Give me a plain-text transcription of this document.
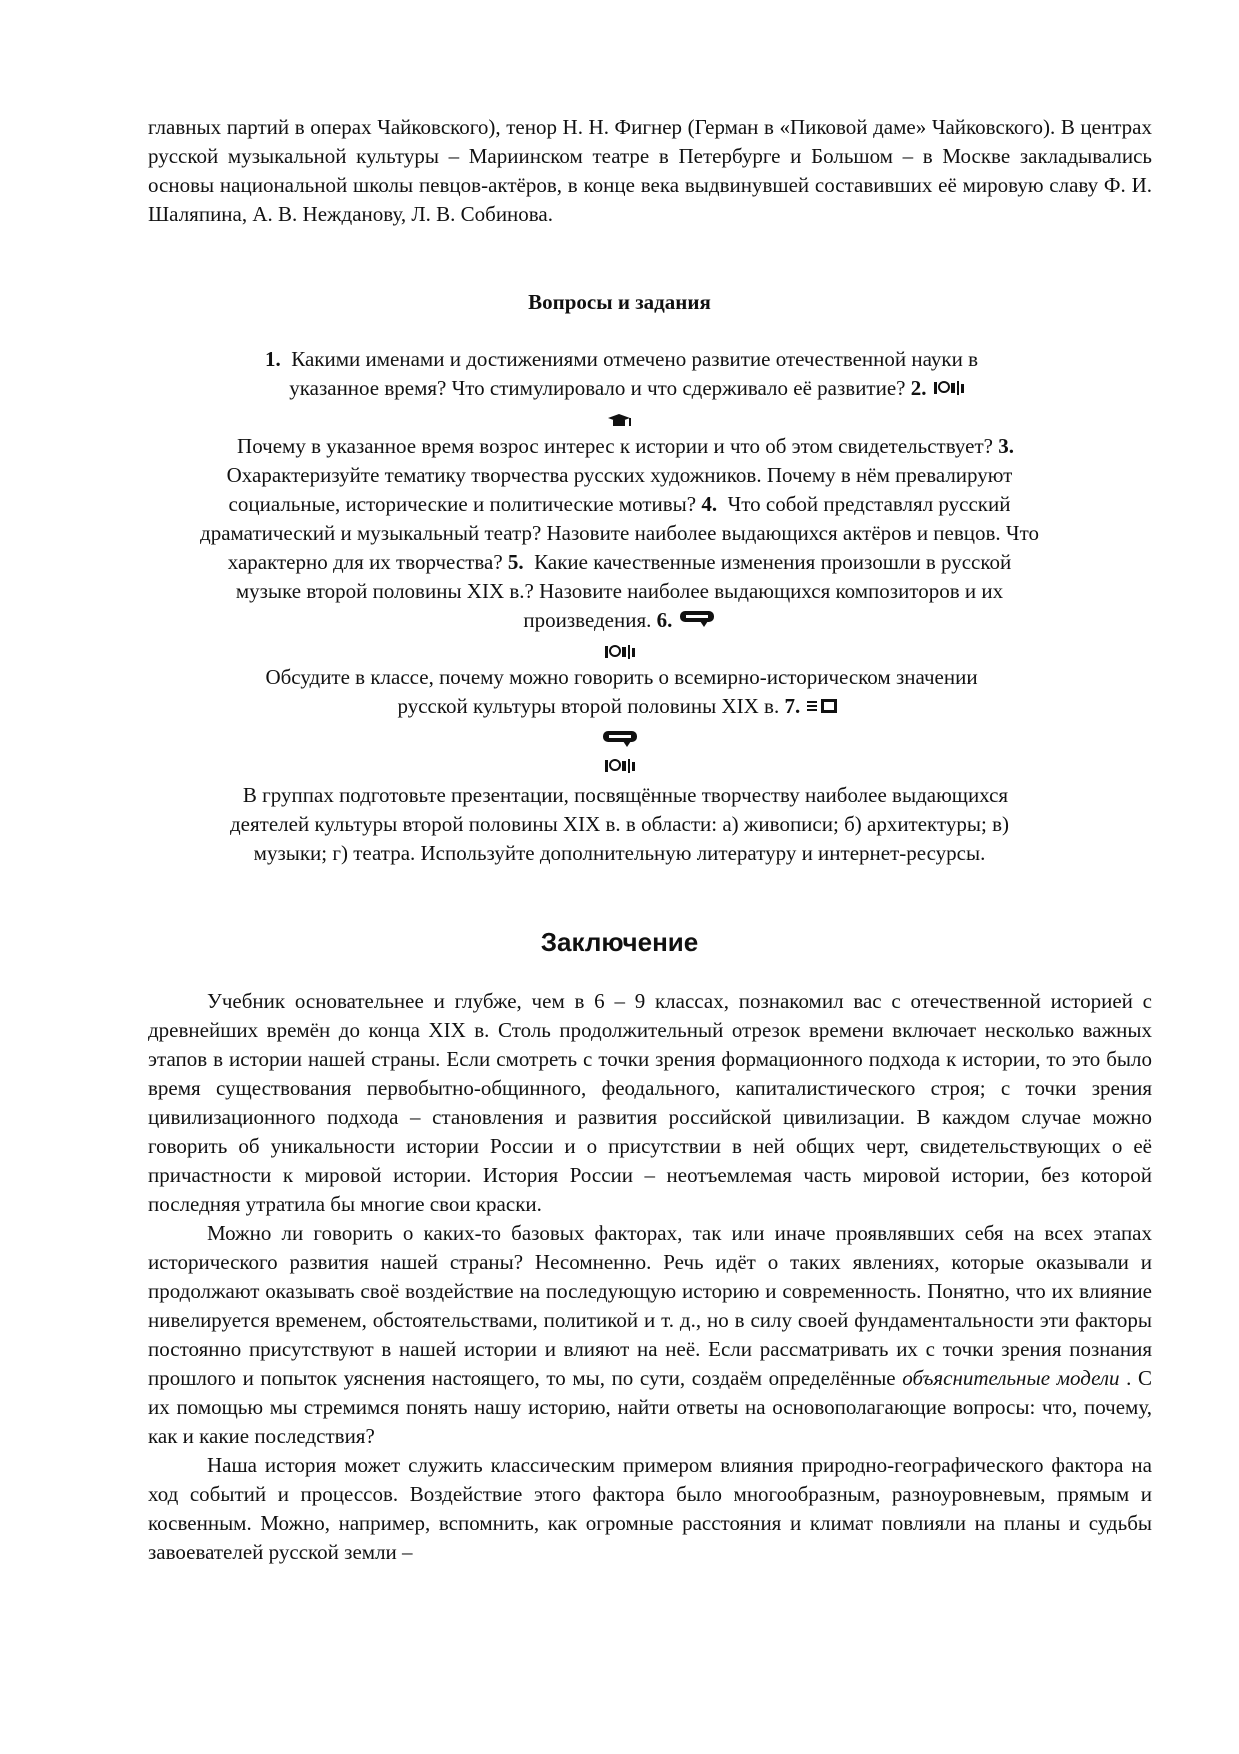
главных партий в операх Чайковского), тенор Н. Н. Фигнер (Герман в «Пиковой даме» Чайковского). В центрах русской музыкальной культуры – Мариинском театре в Петербурге и Большом – в Москве закладывались основы национальной школы певцов-актёров, в конце века выдвинувшей составивших её мировую славу Ф. И. Шаляпина, А. В. Нежданову, Л. В. Собинова.

Вопросы и задания
1.  Какими именами и достижениями отмечено развитие отечественной науки в
указанное время? Что стимулировало и что сдерживало её развитие? 2.
Почему в указанное время возрос интерес к истории и что об этом свидетельствует? 3.
Охарактеризуйте тематику творчества русских художников. Почему в нём превалируют
социальные, исторические и политические мотивы? 4.  Что собой представлял русский
драматический и музыкальный театр? Назовите наиболее выдающихся актёров и певцов. Что
характерно для их творчества? 5.  Какие качественные изменения произошли в русской
музыке второй половины XIX в.? Назовите наиболее выдающихся композиторов и их
произведения. 6.
Обсудите в классе, почему можно говорить о всемирно-историческом значении
русской культуры второй половины XIX в. 7.
В группах подготовьте презентации, посвящённые творчеству наиболее выдающихся
деятелей культуры второй половины XIX в. в области: а) живописи; б) архитектуры; в)
музыки; г) театра. Используйте дополнительную литературу и интернет-ресурсы.
Заключение

Учебник основательнее и глубже, чем в 6 – 9 классах, познакомил вас с отечественной историей с древнейших времён до конца XIX в. Столь продолжительный отрезок времени включает несколько важных этапов в истории нашей страны. Если смотреть с точки зрения формационного подхода к истории, то это было время существования первобытно-общинного, феодального, капиталистического строя; с точки зрения цивилизационного подхода – становления и развития российской цивилизации. В каждом случае можно говорить об уникальности истории России и о присутствии в ней общих черт, свидетельствующих о её причастности к мировой истории. История России – неотъемлемая часть мировой истории, без которой последняя утратила бы многие свои краски.

Можно ли говорить о каких-то базовых факторах, так или иначе проявлявших себя на всех этапах исторического развития нашей страны? Несомненно. Речь идёт о таких явлениях, которые оказывали и продолжают оказывать своё воздействие на последующую историю и современность. Понятно, что их влияние нивелируется временем, обстоятельствами, политикой и т. д., но в силу своей фундаментальности эти факторы постоянно присутствуют в нашей истории и влияют на неё. Если рассматривать их с точки зрения познания прошлого и попыток уяснения настоящего, то мы, по сути, создаём определённые объяснительные модели . С их помощью мы стремимся понять нашу историю, найти ответы на основополагающие вопросы: что, почему, как и какие последствия?

Наша история может служить классическим примером влияния природно-географического фактора на ход событий и процессов. Воздействие этого фактора было многообразным, разноуровневым, прямым и косвенным. Можно, например, вспомнить, как огромные расстояния и климат повлияли на планы и судьбы завоевателей русской земли –
